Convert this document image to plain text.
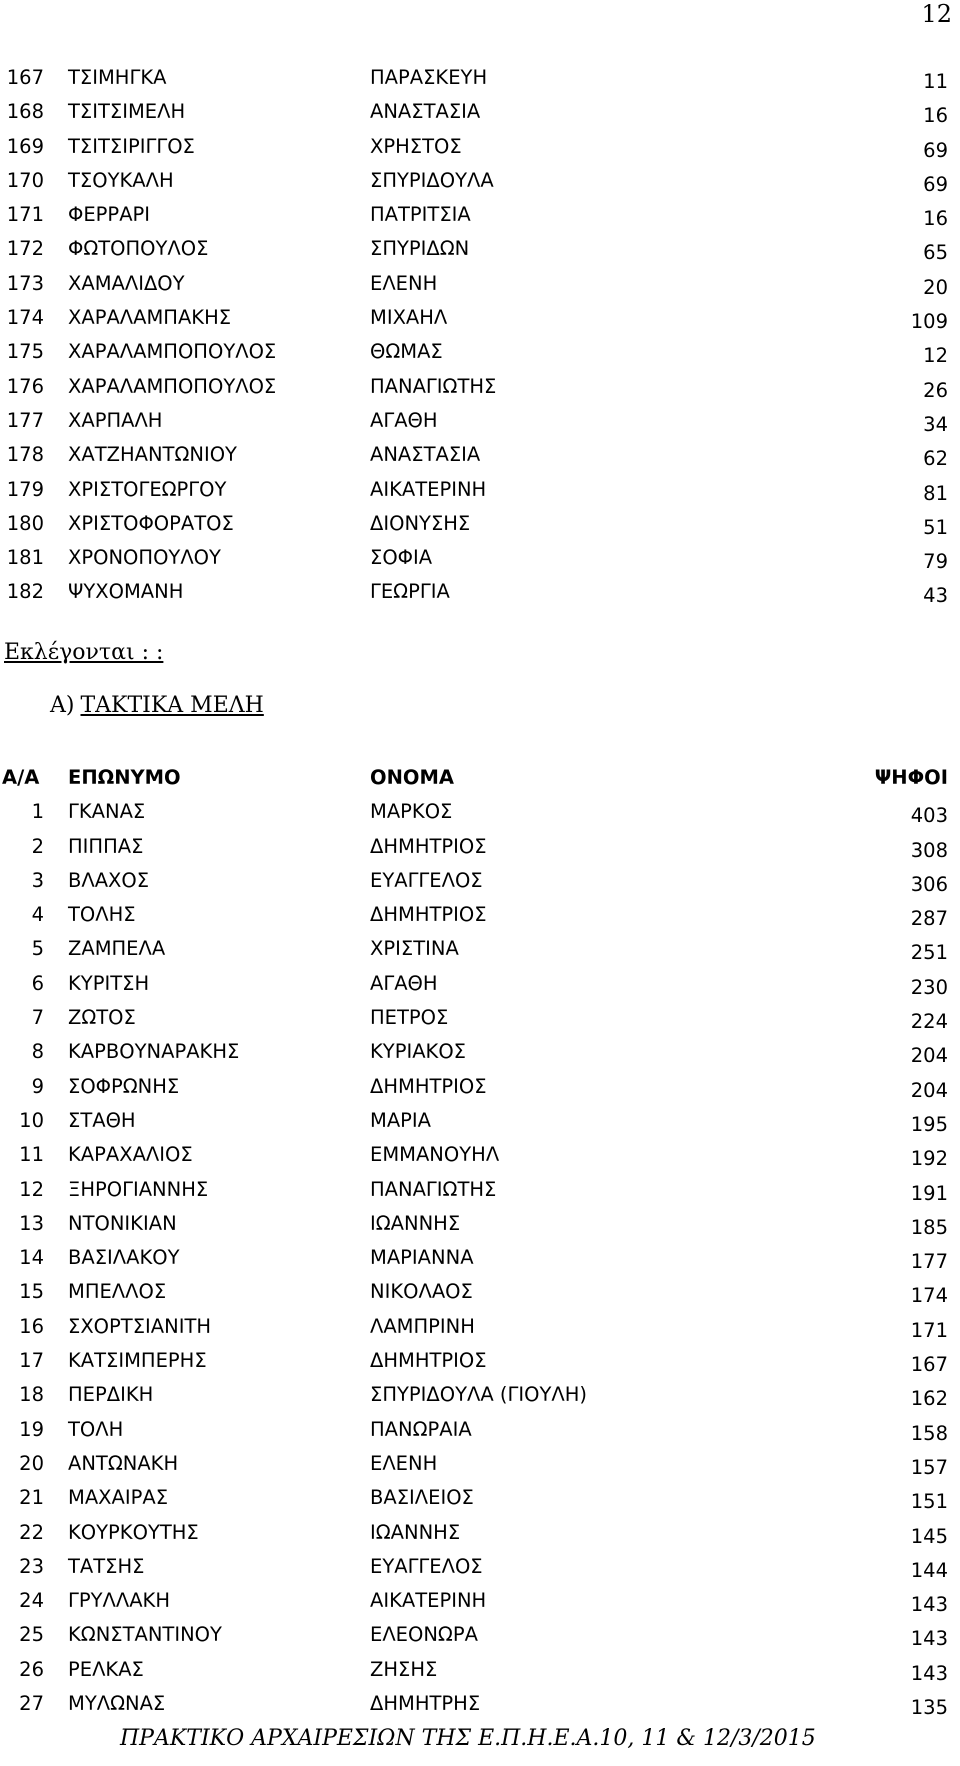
12
167 ΤΣΙΜΗΓΚΑ	ΠΑΡΑΣΚΕΥΗ	11
168 ΤΣΙΤΣΙΜΕΛΗ	ΑΝΑΣΤΑΣΙΑ	16
169 ΤΣΙΤΣΙΡΙΓΓΟΣ	ΧΡΗΣΤΟΣ	69
170 ΤΣΟΥΚΑΛΗ	ΣΠΥΡΙΔΟΥΛΑ	69
171 ΦΕΡΡΑΡΙ	ΠΑΤΡΙΤΣΙΑ	16
172 ΦΩΤΟΠΟΥΛΟΣ	ΣΠΥΡΙΔΩΝ	65
173 ΧΑΜΑΛΙΔΟΥ	ΕΛΕΝΗ	20
174 ΧΑΡΑΛΑΜΠΑΚΗΣ	ΜΙΧΑΗΛ	109
175 ΧΑΡΑΛΑΜΠΟΠΟΥΛΟΣ	ΘΩΜΑΣ	12
176 ΧΑΡΑΛΑΜΠΟΠΟΥΛΟΣ	ΠΑΝΑΓΙΩΤΗΣ	26
177 ΧΑΡΠΑΛΗ	ΑΓΑΘΗ	34
178 ΧΑΤΖΗΑΝΤΩΝΙΟΥ	ΑΝΑΣΤΑΣΙΑ	62
179 ΧΡΙΣΤΟΓΕΩΡΓΟΥ	ΑΙΚΑΤΕΡΙΝΗ	81
180 ΧΡΙΣΤΟΦΟΡΑΤΟΣ	ΔΙΟΝΥΣΗΣ	51
181 ΧΡΟΝΟΠΟΥΛΟΥ	ΣΟΦΙΑ	79
182 ΨΥΧΟΜΑΝΗ	ΓΕΩΡΓΙΑ	43
Εκλέγονται : :
Α) ΤΑΚΤΙΚΑ ΜΕΛΗ
Α/Α ΕΠΩΝΥΜΟ	ΟΝΟΜΑ	ΨΗΦΟΙ
1 ΓΚΑΝΑΣ	ΜΑΡΚΟΣ	403
2 ΠΙΠΠΑΣ	ΔΗΜΗΤΡΙΟΣ	308
3 ΒΛΑΧΟΣ	ΕΥΑΓΓΕΛΟΣ	306
4 ΤΟΛΗΣ	ΔΗΜΗΤΡΙΟΣ	287
5 ΖΑΜΠΕΛΑ	ΧΡΙΣΤΙΝΑ	251
6 ΚΥΡΙΤΣΗ	ΑΓΑΘΗ	230
7 ΖΩΤΟΣ	ΠΕΤΡΟΣ	224
8 ΚΑΡΒΟΥΝΑΡΑΚΗΣ	ΚΥΡΙΑΚΟΣ	204
9 ΣΟΦΡΩΝΗΣ	ΔΗΜΗΤΡΙΟΣ	204
10 ΣΤΑΘΗ	ΜΑΡΙΑ	195
11 ΚΑΡΑΧΑΛΙΟΣ	ΕΜΜΑΝΟΥΗΛ	192
12 ΞΗΡΟΓΙΑΝΝΗΣ	ΠΑΝΑΓΙΩΤΗΣ	191
13 ΝΤΟΝΙΚΙΑΝ	ΙΩΑΝΝΗΣ	185
14 ΒΑΣΙΛΑΚΟΥ	ΜΑΡΙΑΝΝΑ	177
15 ΜΠΕΛΛΟΣ	ΝΙΚΟΛΑΟΣ	174
16 ΣΧΟΡΤΣΙΑΝΙΤΗ	ΛΑΜΠΡΙΝΗ	171
17 ΚΑΤΣΙΜΠΕΡΗΣ	ΔΗΜΗΤΡΙΟΣ	167
18 ΠΕΡΔΙΚΗ	ΣΠΥΡΙΔΟΥΛΑ (ΓΙΟΥΛΗ)	162
19 ΤΟΛΗ	ΠΑΝΩΡΑΙΑ	158
20 ΑΝΤΩΝΑΚΗ	ΕΛΕΝΗ	157
21 ΜΑΧΑΙΡΑΣ	ΒΑΣΙΛΕΙΟΣ	151
22 ΚΟΥΡΚΟΥΤΗΣ	ΙΩΑΝΝΗΣ	145
23 ΤΑΤΣΗΣ	ΕΥΑΓΓΕΛΟΣ	144
24 ΓΡΥΛΛΑΚΗ	ΑΙΚΑΤΕΡΙΝΗ	143
25 ΚΩΝΣΤΑΝΤΙΝΟΥ	ΕΛΕΟΝΩΡΑ	143
26 ΡΕΛΚΑΣ	ΖΗΣΗΣ	143
27 ΜΥΛΩΝΑΣ	ΔΗΜΗΤΡΗΣ	135
ΠΡΑΚΤΙΚΟ ΑΡΧΑΙΡΕΣΙΩΝ ΤΗΣ Ε.Π.Η.Ε.Α.10, 11 & 12/3/2015
